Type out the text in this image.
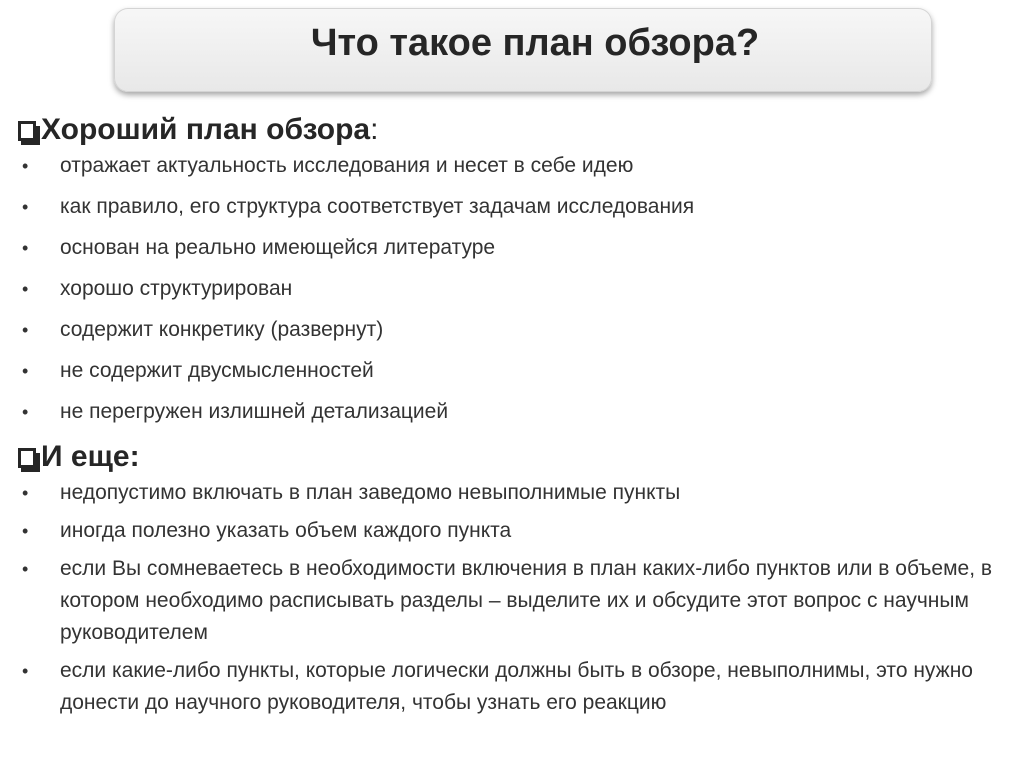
Что такое план обзора?
Хороший план обзора :
• отражает актуальность исследования и несет в себе идею
• как правило, его структура соответствует задачам исследования
• основан на реально имеющейся литературе
• хорошо структурирован
• содержит конкретику (развернут)
• не содержит двусмысленностей
• не перегружен излишней детализацией
И еще:
• недопустимо включать в план заведомо невыполнимые пункты
• иногда полезно указать объем каждого пункта
• если Вы сомневаетесь в необходимости включения в план каких-либо пунктов или в объеме, в котором необходимо расписывать разделы – выделите их и обсудите этот вопрос с научным руководителем
• если какие-либо пункты, которые логически должны быть в обзоре, невыполнимы, это нужно донести до научного руководителя, чтобы узнать его реакцию
